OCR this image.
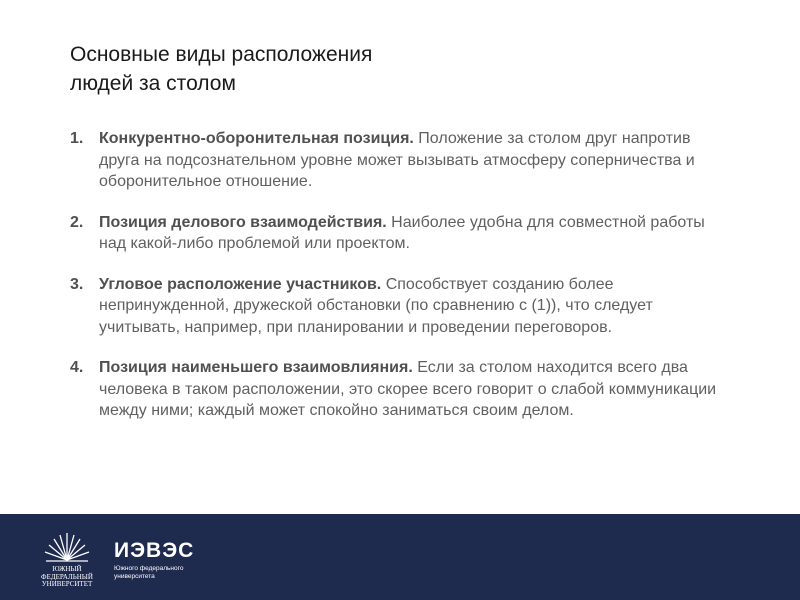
Основные виды расположения
людей за столом
1. Конкурентно-оборонительная позиция. Положение за столом друг напротив друга на подсознательном уровне может вызывать атмосферу соперничества и оборонительное отношение.
2. Позиция делового взаимодействия. Наиболее удобна для совместной работы над какой-либо проблемой или проектом.
3. Угловое расположение участников. Способствует созданию более непринужденной, дружеской обстановки (по сравнению с (1)), что следует учитывать, например, при планировании и проведении переговоров.
4. Позиция наименьшего взаимовлияния. Если за столом находится всего два человека в таком расположении, это скорее всего говорит о слабой коммуникации между ними; каждый может спокойно заниматься своим делом.
ЮЖНЫЙ
ФЕДЕРАЛЬНЫЙ
УНИВЕРСИТЕТ
ИЭВЭС
Южного федерального
университета
